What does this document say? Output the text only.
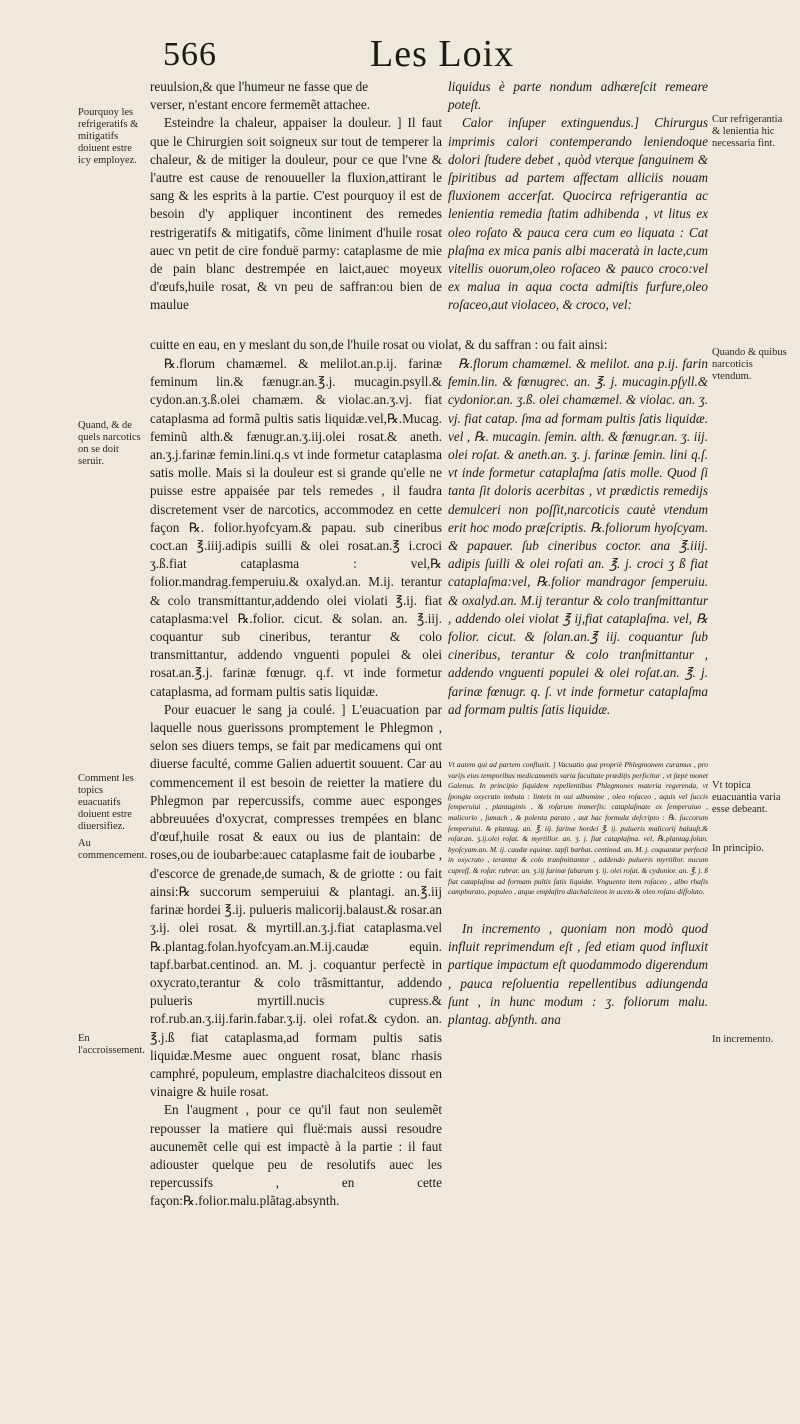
566	Les Loix
Pourquoy les refrigeratifs & mitigatifs doiuent estre icy employez.
Quand, & de quels narcotics on se doit seruir.
Comment les topics euacuatifs doiuent estre diuersifiez.
Au commencement.
En l'accroissement.
Cur refrigerantia & lenientia hic necessaria fint.
Quando & quibus narcoticis vtendum.
Vt topica euacuantia varia esse debeant.
In principio.
In incremento.

reuulsion,& que l'humeur ne fasse que de

verser, n'estant encore fermemẽt attachee.

Esteindre la chaleur, appaiser la douleur. ] Il faut que le Chirurgien soit soigneux sur tout de temperer la chaleur, & de mitiger la douleur, pour ce que l'vne & l'autre est cause de renouueller la fluxion,attirant le sang & les esprits à la partie. C'est pourquoy il est de besoin d'y appliquer incontinent des remedes restrigeratifs & mitigatifs, cõme liniment d'huile rosat auec vn petit de cire fonduë parmy: cataplasme de mie de pain blanc destrempée en laict,auec moyeux d'œufs,huile rosat, & vn peu de saffran:ou bien de maulue

liquidus è parte nondum adhæreſcit remeare poteſt.

Calor inſuper extinguendus.] Chirurgus imprimis calori contemperando leniendoque dolori ſtudere debet , quòd vterque ſanguinem & ſpiritibus ad partem affectam alliciis nouam fluxionem accerſat. Quocirca refrigerantia ac lenientia remedia ſtatim adhibenda , vt litus ex oleo roſato & pauca cera cum eo liquata : Cat plaſma ex mica panis albi maceratà in lacte,cum vitellis ouorum,oleo roſaceo & pauco croco:vel ex malua in aqua cocta admiſtis furfure,oleo roſaceo,aut violaceo, & croco, vel:

cuitte en eau, en y meslant du son,de l'huile rosat ou violat, & du saffran : ou fait ainsi:

℞.florum chamæmel. & melilot.an.p.ij. farinæ feminum lin.& fænugr.an.℥.j. mucagin.psyll.& cydon.an.ʒ.ß.olei chamæm. & violac.an.ʒ.vj. fiat cataplasma ad formã pultis satis liquidæ.vel,℞.Mucag. feminũ alth.& fænugr.an.ʒ.iij.olei rosat.& aneth. an.ʒ.j.farinæ femin.lini.q.s vt inde formetur cataplasma satis molle. Mais si la douleur est si grande qu'elle ne puisse estre appaisée par tels remedes , il faudra discretement vser de narcotics, accommodez en cette façon ℞. folior.hyofcyam.& papau. sub cineribus coct.an ℥.iiij.adipis suilli & olei rosat.an.℥ i.croci ʒ.ß.fiat cataplasma : vel,℞ folior.mandrag.femperuiu.& oxalyd.an. M.ij. terantur & colo transmittantur,addendo olei violati ℥.ij. fiat cataplasma:vel ℞.folior. cicut. & solan. an. ℥.iij. coquantur sub cineribus, terantur & colo transmittantur, addendo vnguenti populei & olei rosat.an.℥.j. farinæ fœnugr. q.f. vt inde formetur cataplasma, ad formam pultis satis liquidæ.

Pour euacuer le sang ja coulé. ] L'euacuation par laquelle nous guerissons promptement le Phlegmon , selon ses diuers temps, se fait par medicamens qui ont diuerse faculté, comme Galien aduertit souuent. Car au commencement il est besoin de reietter la matiere du Phlegmon par repercussifs, comme auec esponges abbreuuées d'oxycrat, compresses trempées en blanc d'œuf,huile rosat & eaux ou ius de plantain: de roses,ou de ioubarbe:auec cataplasme fait de ioubarbe , d'escorce de grenade,de sumach, & de griotte : ou fait ainsi:℞ succorum semperuiui & plantagi. an.℥.iij farinæ hordei ℥.ij. pulueris malicorij.balaust.& rosar.an ʒ.ij. olei rosat. & myrtill.an.ʒ.j.fiat cataplasma.vel ℞.plantag.folan.hyofcyam.an.M.ij.caudæ equin. tapf.barbat.centinod. an. M. j. coquantur perfectè in oxycrato,terantur & colo trãsmittantur, addendo pulueris myrtill.nucis cupress.& rof.rub.an.ʒ.iij.farin.fabar.ʒ.ij. olei rofat.& cydon. an. ℥.j.ß fiat cataplasma,ad formam pultis satis liquidæ.Mesme auec onguent rosat, blanc rhasis camphré, populeum, emplastre diachalciteos dissout en vinaigre & huile rosat.

En l'augment , pour ce qu'il faut non seulemẽt repousser la matiere qui fluë:mais aussi resoudre aucunemẽt celle qui est impactè à la partie : il faut adiouster quelque peu de resolutifs auec les repercussifs , en cette façon:℞.folior.malu.plãtag.absynth.

℞.florum chamæmel. & melilot. ana p.ij. farin femin.lin. & fœnugrec. an. ℥. j. mucagin.pſyll.& cydonior.an. ʒ.ß. olei chamæmel. & violac. an. ʒ. vj. fiat catap. ſma ad formam pultis ſatis liquidæ. vel , ℞. mucagin. ſemin. alth. & fœnugr.an. ʒ. iij. olei roſat. & aneth.an. ʒ. j. farinæ ſemin. lini q.ſ. vt inde formetur cataplaſma ſatis molle. Quod ſi tanta ſit doloris acerbitas , vt prædictis remedijs demulceri non poſſit,narcoticis cautè vtendum erit hoc modo præſcriptis. ℞.foliorum hyoſcyam. & papauer. ſub cineribus coctor. ana ℥.iiij. adipis ſuilli & olei roſati an. ℥. j. croci ʒ ß fiat cataplaſma:vel, ℞.folior mandragor ſemperuiu. & oxalyd.an. M.ij terantur & colo tranſmittantur , addendo olei violat ℥ ij,fiat cataplaſma. vel, ℞ folior. cicut. & ſolan.an.℥ iij. coquantur ſub cineribus, terantur & colo tranſmittantur , addendo vnguenti populei & olei roſat.an. ℥. j. farinæ fœnugr. q. ſ. vt inde formetur cataplaſma ad formam pultis ſatis liquidæ.

Vt autem qui ad partem confluxit. ] Vacuatio qua propriè Phlegmonem curamus , pro varijs eius temporibus medicamentis varia facultate prædițis perficitur , vt ſæpè monet Galenus. In principio ſiquidem repellentibus Phlegmones materia regerenda, vt ſpongia oxycrato imbuta : linteis in oui albumine , oleo roſaceo , aquis vel ſuccis ſemperuiui , plantaginis , & roſarum immerſis: cataplaſmate ex ſemperuiuo , malicorio , ſumach , & polenta parato , aut hac formula deſcripto : ℞. ſuccorum ſemperuiui. & plantag. an. ℥. iij. farinæ hordei ℥. ij. pulueris malicorij balauſt.& roſar.an. ʒ.ij.olei roſat. & myrtillor. an. ʒ. j. fiat cataplaſma. vel, ℞.plantag.ſolan. hyoſcyam.an. M. ij. caudæ equinæ. tapſi barbat. centinod. an. M. j. coquantur perfectè in oxycrato , terantur & colo tranſmittantur , addendo pulueris myrtillor. nucum cupreſſ. & roſar. rubrar. an. ʒ.iij farinæ fabarum ʒ. ij. olei roſat. & cydonior. an. ℥. j. ß fiat cataplaſma ad formam pultis ſatis liquidæ. Vnguento item roſaceo , albo rhaſis camphurato, populeo , atque emplaſtro diachalciteos in aceto & oleo roſato diſſoluto.

In incremento , quoniam non modò quod influit reprimendum eſt , ſed etiam quod influxit partique impactum eſt quodammodo digerendum , pauca reſoluentia repellentibus adiungenda ſunt , in hunc modum : ʒ. foliorum malu. plantag. abſynth. ana
